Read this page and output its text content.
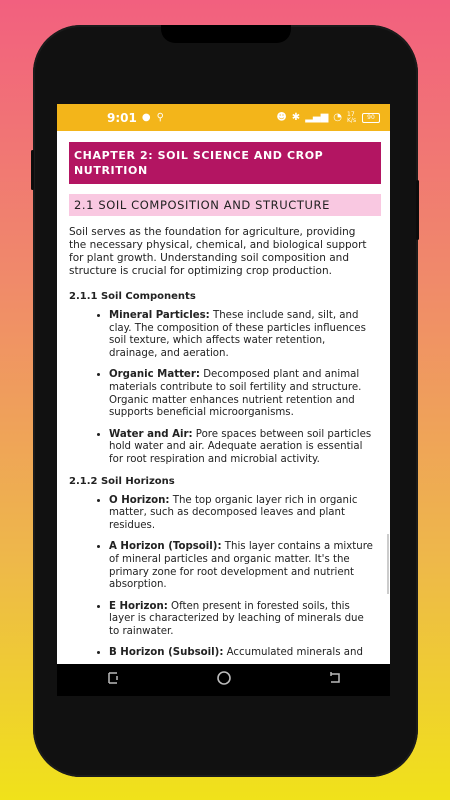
9:01 ● ⚲	☻ ✱ ▂▄▆ ◔ 17 K/s	90
CHAPTER 2: SOIL SCIENCE AND CROP NUTRITION
2.1 SOIL COMPOSITION AND STRUCTURE
Soil serves as the foundation for agriculture, providing the necessary physical, chemical, and biological support for plant growth. Understanding soil composition and structure is crucial for optimizing crop production.
2.1.1 Soil Components
• Mineral Particles: These include sand, silt, and clay. The composition of these particles influences soil texture, which affects water retention, drainage, and aeration.
• Organic Matter: Decomposed plant and animal materials contribute to soil fertility and structure. Organic matter enhances nutrient retention and supports beneficial microorganisms.
• Water and Air: Pore spaces between soil particles hold water and air. Adequate aeration is essential for root respiration and microbial activity.
2.1.2 Soil Horizons
• O Horizon: The top organic layer rich in organic matter, such as decomposed leaves and plant residues.
• A Horizon (Topsoil): This layer contains a mixture of mineral particles and organic matter. It's the primary zone for root development and nutrient absorption.
• E Horizon: Often present in forested soils, this layer is characterized by leaching of minerals due to rainwater.
• B Horizon (Subsoil): Accumulated minerals and
